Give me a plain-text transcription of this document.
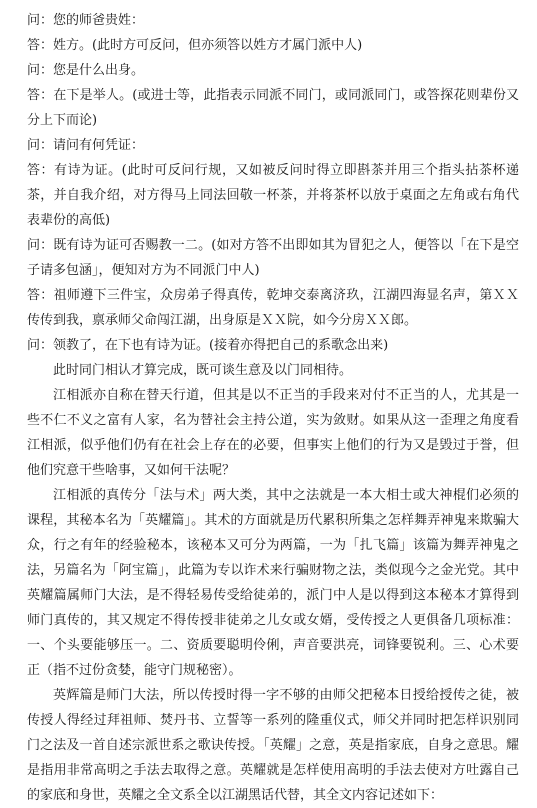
问：您的师爸贵姓：

答：姓方。(此时方可反问，但亦须答以姓方才属门派中人)

问：您是什么出身。

答：在下是举人。(或进士等，此指表示同派不同门，或同派同门，或答探花则辈份又分上下而论)

问：请问有何凭证：

答：有诗为证。(此时可反问行规，又如被反问时得立即斟茶并用三个指头拈茶杯递茶，并自我介绍，对方得马上同法回敬一杯茶，并将茶杯以放于桌面之左角或右角代表辈份的高低)

问：既有诗为证可否赐教一二。(如对方答不出即如其为冒犯之人，便答以「在下是空子请多包涵」，便知对方为不同派门中人)

答：祖师遵下三件宝，众房弟子得真传，乾坤交泰离济玖，江湖四海显名声，第ＸＸ传传到我，禀承师父命闯江湖，出身原是ＸＸ院，如今分房ＸＸ郎。

问：领教了，在下也有诗为证。(接着亦得把自己的系歌念出来)

此时同门相认才算完成，既可谈生意及以门同相待。

江相派亦自称在替天行道，但其是以不正当的手段来对付不正当的人，尤其是一些不仁不义之富有人家，名为替社会主持公道，实为敛财。如果从这一歪理之角度看江相派，似乎他们仍有在社会上存在的必要，但事实上他们的行为又是毁过于誉，但他们究意干些啥事，又如何干法呢？

江相派的真传分「法与术」两大类，其中之法就是一本大相士或大神棍们必须的课程，其秘本名为「英耀篇」。其术的方面就是历代累积所集之怎样舞弄神鬼来欺骗大众，行之有年的经验秘本，该秘本又可分为两篇，一为「扎飞篇」该篇为舞弄神鬼之法，另篇名为「阿宝篇」，此篇为专以诈术来行骗财物之法，类似现今之金光党。其中英耀篇属师门大法，是不得轻易传受给徒弟的，派门中人是以得到这本秘本才算得到师门真传的，其又规定不得传授非徒弟之儿女或女婿，受传授之人更俱备几项标准：一、个头要能够压一。二、资质要聪明伶俐，声音要洪亮，词锋要锐利。三、心术要正（指不过份贪婪，能守门规秘密）。

英辉篇是师门大法，所以传授时得一字不够的由师父把秘本日授给授传之徒，被传授人得经过拜祖师、焚丹书、立誓等一系列的隆重仪式，师父并同时把怎样识别同门之法及一首自述宗派世系之歌诀传授。「英耀」之意，英是指家底，自身之意思。耀是指用非常高明之手法去取得之意。英耀就是怎样使用高明的手法去使对方吐露自己的家底和身世，英耀之全文系全以江湖黑话代替，其全文内容记述如下：
